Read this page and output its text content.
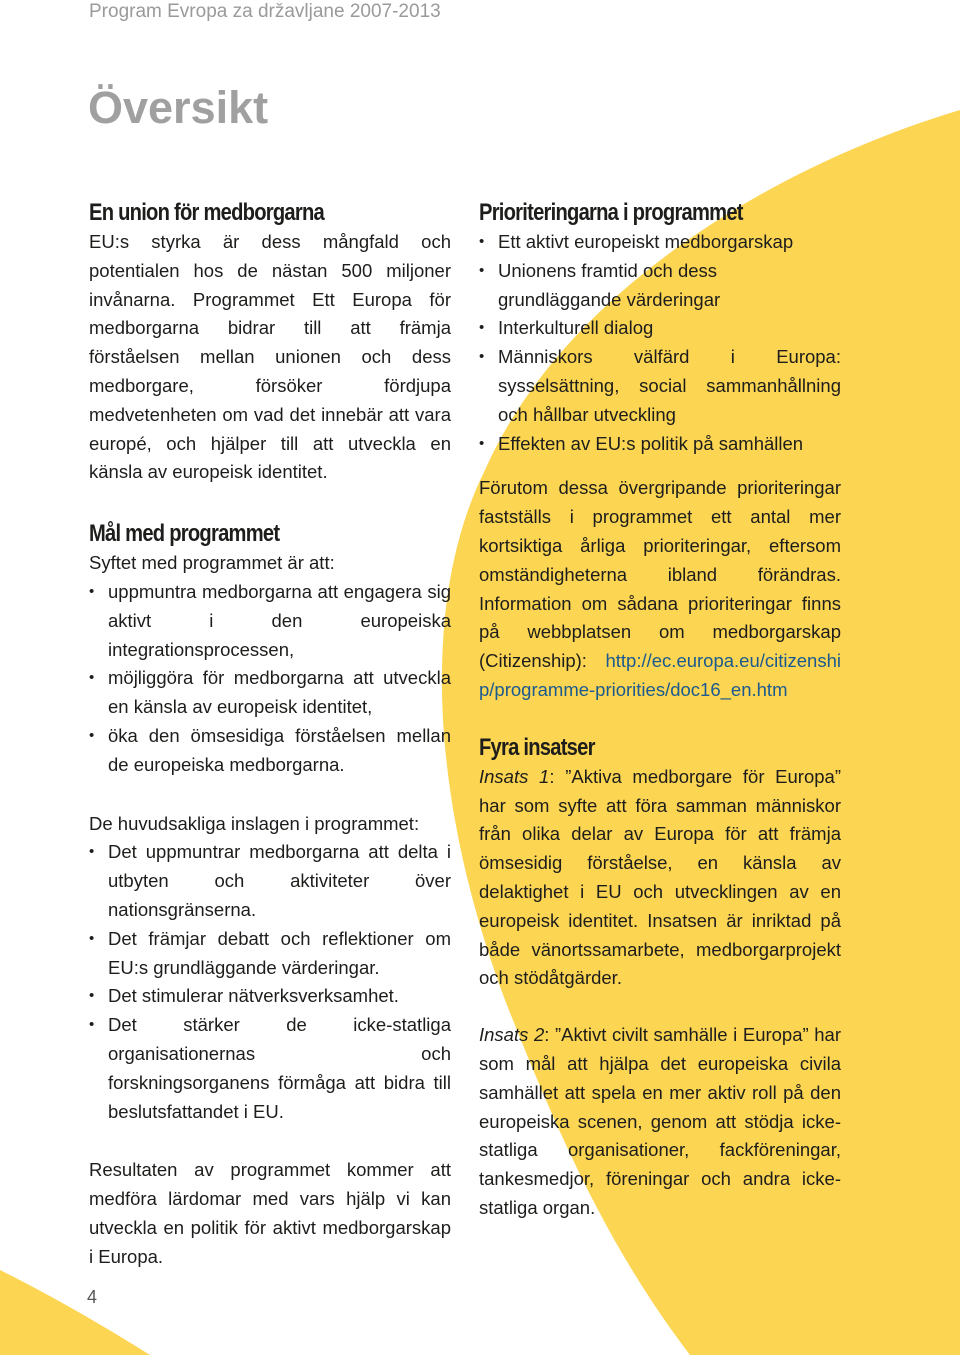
Program Evropa za državljane 2007-2013
Översikt
En union för medborgarna

EU:s styrka är dess mångfald och potentialen hos de nästan 500 miljoner invånarna. Programmet Ett Europa för medborgarna bidrar till att främja förståelsen mellan unionen och dess medborgare, försöker fördjupa medvetenheten om vad det innebär att vara europé, och hjälper till att utveckla en känsla av europeisk identitet.

Mål med programmet

Syftet med programmet är att:

• uppmuntra medborgarna att engagera sig aktivt i den europeiska integrationsprocessen,
• möjliggöra för medborgarna att utveckla en känsla av europeisk identitet,
• öka den ömsesidiga förståelsen mellan de europeiska medborgarna.

De huvudsakliga inslagen i programmet:

• Det uppmuntrar medborgarna att delta i utbyten och aktiviteter över nationsgränserna.
• Det främjar debatt och reflektioner om EU:s grundläggande värderingar.
• Det stimulerar nätverksverksamhet.
• Det stärker de icke-statliga organisationernas och forskningsorganens förmåga att bidra till beslutsfattandet i EU.

Resultaten av programmet kommer att medföra lärdomar med vars hjälp vi kan utveckla en politik för aktivt medborgarskap i Europa.

Prioriteringarna i programmet
• Ett aktivt europeiskt medborgarskap
• Unionens framtid och dess grundläggande värderingar
• Interkulturell dialog
• Människors välfärd i Europa: sysselsättning, social sammanhållning och hållbar utveckling
• Effekten av EU:s politik på samhällen

Förutom dessa övergripande prioriteringar fastställs i programmet ett antal mer kortsiktiga årliga prioriteringar, eftersom omständigheterna ibland förändras. Information om sådana prioriteringar finns på webbplatsen om medborgarskap (Citizenship): http://ec.europa.eu/citizenship/programme-priorities/doc16_en.htm

Fyra insatser

Insats 1: ”Aktiva medborgare för Europa” har som syfte att föra samman människor från olika delar av Europa för att främja ömsesidig förståelse, en känsla av delaktighet i EU och utvecklingen av en europeisk identitet. Insatsen är inriktad på både vänortssamarbete, medborgarprojekt och stödåtgärder.

Insats 2: ”Aktivt civilt samhälle i Europa” har som mål att hjälpa det europeiska civila samhället att spela en mer aktiv roll på den europeiska scenen, genom att stödja icke-statliga organisationer, fackföreningar, tankesmedjor, föreningar och andra icke-statliga organ.

4
